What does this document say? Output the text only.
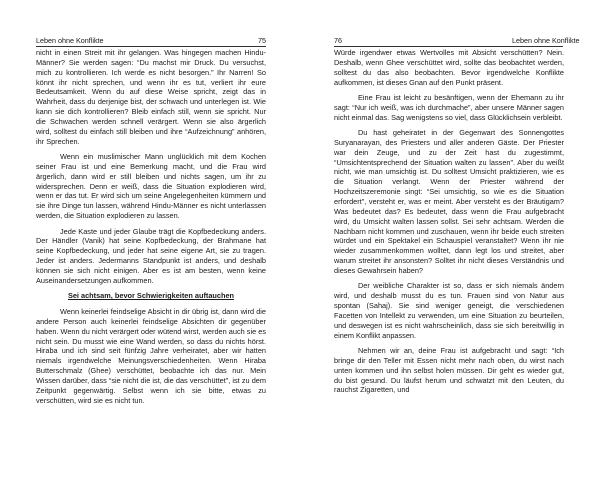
Leben ohne Konflikte	75

nicht in einen Streit mit ihr gelangen. Was hingegen machen Hindu-Männer? Sie werden sagen: “Du machst mir Druck. Du versuchst, mich zu kontrollieren. Ich werde es nicht besorgen.” Ihr Narren! So könnt ihr nicht sprechen, und wenn ihr es tut, verliert ihr eure Bedeutsamkeit. Wenn du auf diese Weise spricht, zeigt das in Wahrheit, dass du derjenige bist, der schwach und unterlegen ist. Wie kann sie dich kontrollieren? Bleib einfach still, wenn sie spricht. Nur die Schwachen werden schnell verärgert. Wenn sie also ärgerlich wird, solltest du einfach still bleiben und ihre “Aufzeichnung” anhören, ihr Sprechen.

Wenn ein muslimischer Mann unglücklich mit dem Kochen seiner Frau ist und eine Bemerkung macht, und die Frau wird ärgerlich, dann wird er still bleiben und nichts sagen, um ihr zu widersprechen. Denn er weiß, dass die Situation explodieren wird, wenn er das tut. Er wird sich um seine Angelegenheiten kümmern und sie ihre Dinge tun lassen, während Hindu-Männer es nicht unterlassen werden, die Situation explodieren zu lassen.

Jede Kaste und jeder Glaube trägt die Kopfbedeckung anders. Der Händler (Vanik) hat seine Kopfbedeckung, der Brahmane hat seine Kopfbedeckung, und jeder hat seine eigene Art, sie zu tragen. Jeder ist anders. Jedermanns Standpunkt ist anders, und deshalb können sie sich nicht einigen. Aber es ist am besten, wenn keine Auseinandersetzungen aufkommen.

Sei achtsam, bevor Schwierigkeiten auftauchen

Wenn keinerlei feindselige Absicht in dir übrig ist, dann wird die andere Person auch keinerlei feindselige Absichten dir gegenüber haben. Wenn du nicht verärgert oder wütend wirst, werden auch sie es nicht sein. Du musst wie eine Wand werden, so dass du nichts hörst. Hiraba und ich sind seit fünfzig Jahre verheiratet, aber wir hatten niemals irgendwelche Meinungsverschiedenheiten. Wenn Hiraba Butterschmalz (Ghee) verschüttet, beobachte ich das nur. Mein Wissen darüber, dass “sie nicht die ist, die das verschüttet”, ist zu dem Zeitpunkt gegenwärtig. Selbst wenn ich sie bitte, etwas zu verschütten, wird sie es nicht tun.

76	Leben ohne Konflikte

Würde irgendwer etwas Wertvolles mit Absicht verschütten? Nein. Deshalb, wenn Ghee verschüttet wird, sollte das beobachtet werden, solltest du das also beobachten. Bevor irgendwelche Konflikte aufkommen, ist dieses Gnan auf den Punkt präsent.

Eine Frau ist leicht zu besänftigen, wenn der Ehemann zu ihr sagt: “Nur ich weiß, was ich durchmache”, aber unsere Männer sagen nicht einmal das. Sag wenigstens so viel, dass Glücklichsein verbleibt.

Du hast geheiratet in der Gegenwart des Sonnengottes Suryanarayan, des Priesters und aller anderen Gäste. Der Priester war dein Zeuge, und zu der Zeit hast du zugestimmt, “Umsichtentsprechend der Situation walten zu lassen”. Aber du weißt nicht, wie man umsichtig ist. Du solltest Umsicht praktizieren, wie es die Situation verlangt. Wenn der Priester während der Hochzeitszeremonie singt: “Sei umsichtig, so wie es die Situation erfordert”, versteht er, was er meint. Aber versteht es der Bräutigam? Was bedeutet das? Es bedeutet, dass wenn die Frau aufgebracht wird, du Umsicht walten lassen sollst. Sei sehr achtsam. Werden die Nachbarn nicht kommen und zuschauen, wenn ihr beide euch streiten würdet und ein Spektakel ein Schauspiel veranstaltet? Wenn ihr nie wieder zusammenkommen wolltet, dann legt los und streitet, aber warum streitet ihr ansonsten? Solltet ihr nicht dieses Verständnis und dieses Gewahrsein haben?

Der weibliche Charakter ist so, dass er sich niemals ändern wird, und deshalb musst du es tun. Frauen sind von Natur aus spontan (Sahaj). Sie sind weniger geneigt, die verschiedenen Facetten von Intellekt zu verwenden, um eine Situation zu beurteilen, und deswegen ist es nicht wahrscheinlich, dass sie sich bereitwillig in einem Konflikt anpassen.

Nehmen wir an, deine Frau ist aufgebracht und sagt: “Ich bringe dir den Teller mit Essen nicht mehr nach oben, du wirst nach unten kommen und ihn selbst holen müssen. Dir geht es wieder gut, du bist gesund. Du läufst herum und schwatzt mit den Leuten, du rauchst Zigaretten, und
